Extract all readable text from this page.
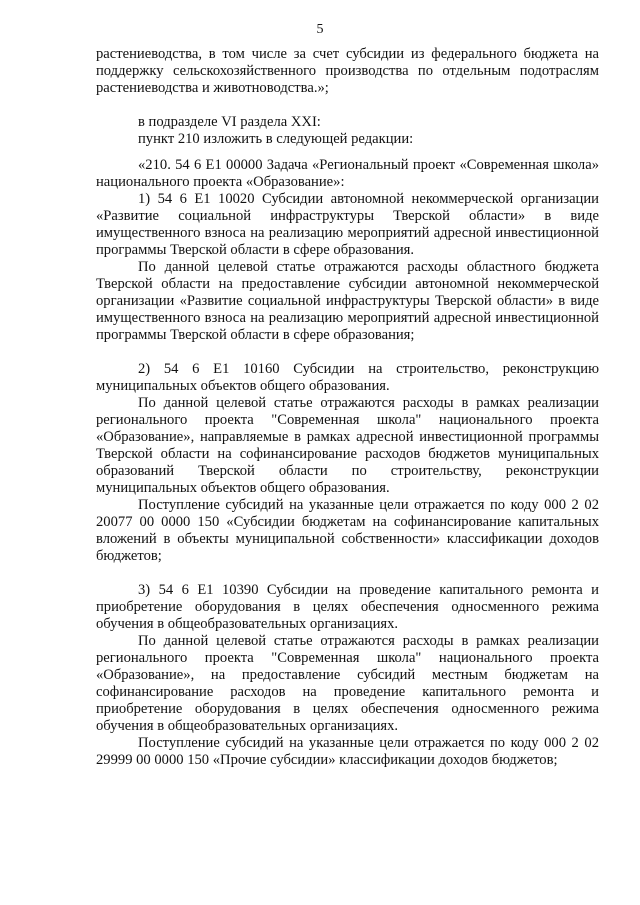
5

растениеводства, в том числе за счет субсидии из федерального бюджета на поддержку сельскохозяйственного производства по отдельным подотраслям растениеводства и животноводства.»;

в подразделе VI раздела XXI:

пункт 210 изложить в следующей редакции:

«210. 54 6 E1 00000 Задача «Региональный проект «Современная школа» национального проекта «Образование»:

1) 54 6 E1 10020 Субсидии автономной некоммерческой организации «Развитие социальной инфраструктуры Тверской области» в виде имущественного взноса на реализацию мероприятий адресной инвестиционной программы Тверской области в сфере образования.

По данной целевой статье отражаются расходы областного бюджета Тверской области на предоставление субсидии автономной некоммерческой организации «Развитие социальной инфраструктуры Тверской области» в виде имущественного взноса на реализацию мероприятий адресной инвестиционной программы Тверской области в сфере образования;

2) 54 6 E1 10160 Субсидии на строительство, реконструкцию муниципальных объектов общего образования.

По данной целевой статье отражаются расходы в рамках реализации регионального проекта "Современная школа" национального проекта «Образование», направляемые в рамках адресной инвестиционной программы Тверской области на софинансирование расходов бюджетов муниципальных образований Тверской области по строительству, реконструкции муниципальных объектов общего образования.

Поступление субсидий на указанные цели отражается по коду 000 2 02 20077 00 0000 150 «Субсидии бюджетам на софинансирование капитальных вложений в объекты муниципальной собственности» классификации доходов бюджетов;

3) 54 6 E1 10390 Субсидии на проведение капитального ремонта и приобретение оборудования в целях обеспечения односменного режима обучения в общеобразовательных организациях.

По данной целевой статье отражаются расходы в рамках реализации регионального проекта "Современная школа" национального проекта «Образование», на предоставление субсидий местным бюджетам на софинансирование расходов на проведение капитального ремонта и приобретение оборудования в целях обеспечения односменного режима обучения в общеобразовательных организациях.

Поступление субсидий на указанные цели отражается по коду 000 2 02 29999 00 0000 150 «Прочие субсидии» классификации доходов бюджетов;
